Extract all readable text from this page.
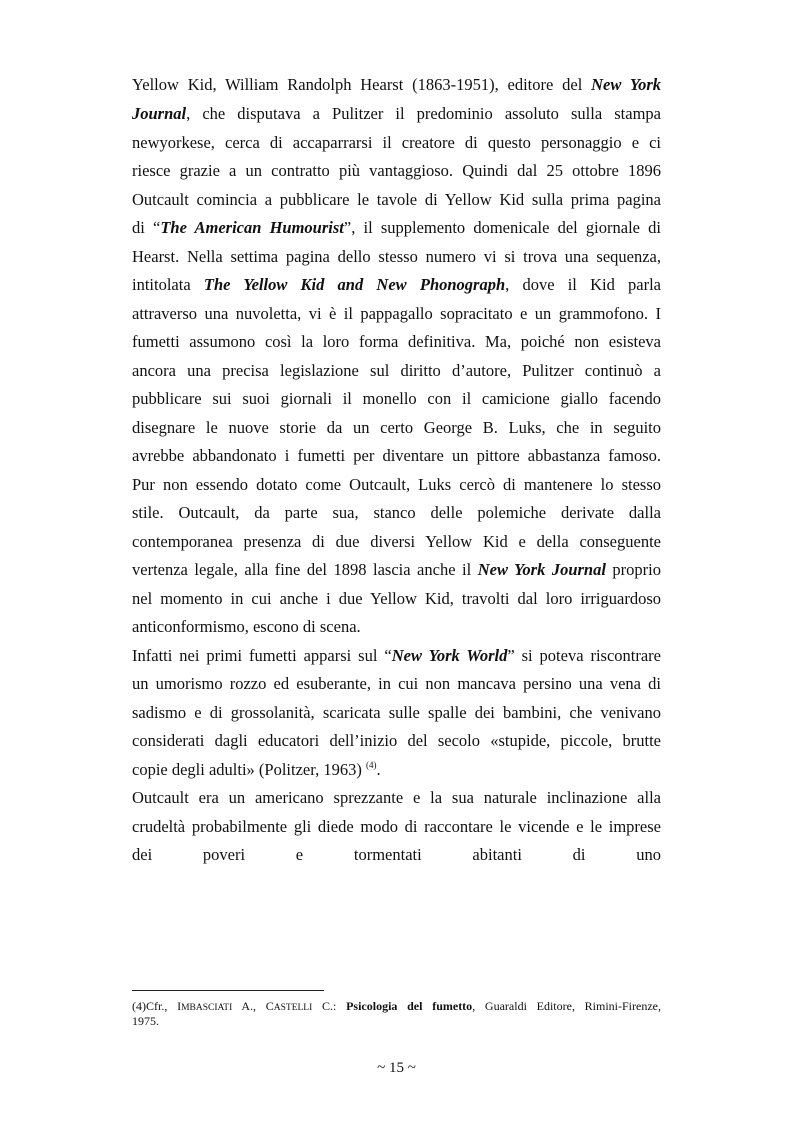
Yellow Kid, William Randolph Hearst (1863-1951), editore del New York
Journal, che disputava a Pulitzer il predominio assoluto sulla stampa
newyorkese, cerca di accaparrarsi il creatore di questo personaggio e ci
riesce grazie a un contratto più vantaggioso. Quindi dal 25 ottobre 1896
Outcault comincia a pubblicare le tavole di Yellow Kid sulla prima pagina
di “The American Humourist”, il supplemento domenicale del giornale di
Hearst. Nella settima pagina dello stesso numero vi si trova una sequenza,
intitolata The Yellow Kid and New Phonograph, dove il Kid parla
attraverso una nuvoletta, vi è il pappagallo sopracitato e un grammofono. I
fumetti assumono così la loro forma definitiva. Ma, poiché non esisteva
ancora una precisa legislazione sul diritto d’autore, Pulitzer continuò a
pubblicare sui suoi giornali il monello con il camicione giallo facendo
disegnare le nuove storie da un certo George B. Luks, che in seguito
avrebbe abbandonato i fumetti per diventare un pittore abbastanza famoso.
Pur non essendo dotato come Outcault, Luks cercò di mantenere lo stesso
stile. Outcault, da parte sua, stanco delle polemiche derivate dalla
contemporanea presenza di due diversi Yellow Kid e della conseguente
vertenza legale, alla fine del 1898 lascia anche il New York Journal proprio
nel momento in cui anche i due Yellow Kid, travolti dal loro irriguardoso
anticonformismo, escono di scena.
Infatti nei primi fumetti apparsi sul “New York World” si poteva riscontrare
un umorismo rozzo ed esuberante, in cui non mancava persino una vena di
sadismo e di grossolanità, scaricata sulle spalle dei bambini, che venivano
considerati dagli educatori dell’inizio del secolo «stupide, piccole, brutte
copie degli adulti» (Politzer, 1963) $^{(4)}$.
Outcault era un americano sprezzante e la sua naturale inclinazione alla
crudeltà probabilmente gli diede modo di raccontare le vicende e le imprese
dei poveri e tormentati abitanti di uno
(4)Cfr., IMBASCIATI A., CASTELLI C.: Psicologia del fumetto, Guaraldi Editore, Rimini-Firenze,
1975.
~ 15 ~
